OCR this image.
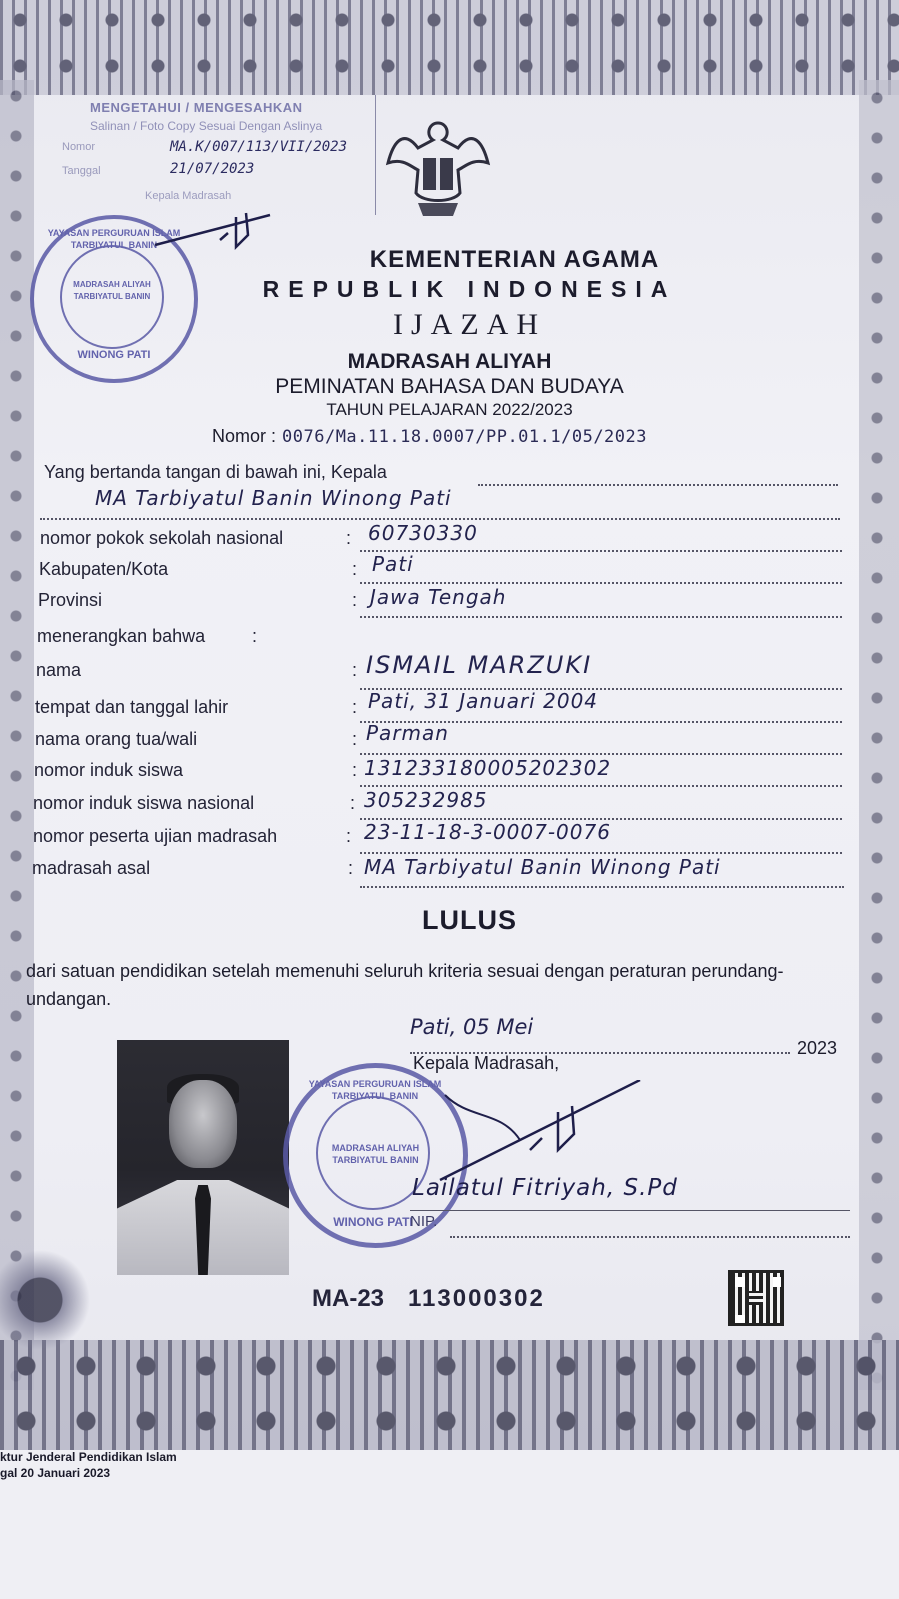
MENGETAHUI / MENGESAHKAN
Salinan / Foto Copy Sesuai Dengan Aslinya
Nomor	MA.K/007/113/VII/2023
Tanggal	21/07/2023
Kepala Madrasah
YAYASAN PERGURUAN ISLAM TARBIYATUL BANIN
MADRASAH ALIYAH
TARBIYATUL BANIN
WINONG PATI
KEMENTERIAN AGAMA
REPUBLIK INDONESIA
IJAZAH
MADRASAH ALIYAH
PEMINATAN BAHASA DAN BUDAYA
TAHUN PELAJARAN 2022/2023
Nomor : 0076/Ma.11.18.0007/PP.01.1/05/2023
Yang bertanda tangan di bawah ini, Kepala
MA Tarbiyatul Banin Winong Pati
nomor pokok sekolah nasional	: 60730330
Kabupaten/Kota	: Pati
Provinsi	: Jawa Tengah
menerangkan bahwa	:
nama	: ISMAIL MARZUKI
tempat dan tanggal lahir	: Pati, 31 Januari 2004
nama orang tua/wali	: Parman
nomor induk siswa	: 131233180005202302
nomor induk siswa nasional	: 305232985
nomor peserta ujian madrasah	: 23-11-18-3-0007-0076
madrasah asal	: MA Tarbiyatul Banin Winong Pati
LULUS
dari satuan pendidikan setelah memenuhi seluruh kriteria sesuai dengan peraturan perundang-undangan.
Pati, 05 Mei
2023
Kepala Madrasah,
YAYASAN PERGURUAN ISLAM TARBIYATUL BANIN
MADRASAH ALIYAH
TARBIYATUL BANIN
WINONG PATI
Lailatul Fitriyah, S.Pd
NIP.
MA-23 113000302
ktur Jenderal Pendidikan Islam
gal 20 Januari 2023
